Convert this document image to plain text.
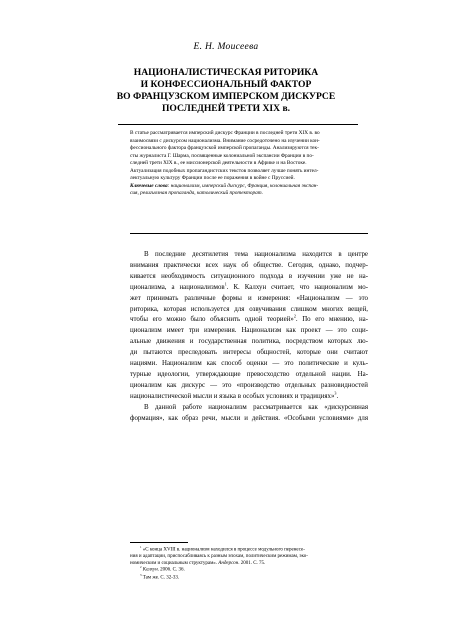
Е. Н. Моисеева
НАЦИОНАЛИСТИЧЕСКАЯ РИТОРИКА
И КОНФЕССИОНАЛЬНЫЙ ФАКТОР
ВО ФРАНЦУЗСКОМ ИМПЕРСКОМ ДИСКУРСЕ
ПОСЛЕДНЕЙ ТРЕТИ XIX в.
В статье рассматривается имперский дискурс Франции в последней трети XIX в. во
взаимосвязи с дискурсом национализма. Внимание сосредоточено на изучении кон-
фессионального фактора французской имперской пропаганды. Анализируются тек-
сты журналиста Г. Шарма, посвященные колониальной экспансии Франции в по-
следней трети XIX в., ее миссионерской деятельности в Африке и на Востоке.
Актуализация подобных пропагандистских текстов позволяет лучше понять интел-
лектуальную культуру Франции после ее поражения в войне с Пруссией.
Ключевые слова: национализм, имперский дискурс, Франция, колониальная экспан-
сия, религиозная пропаганда, католический протекторат.
В последние десятилетия тема национализма находится в центре
внимания практически всех наук об обществе. Сегодня, однако, подчер-
кивается необходимость ситуационного подхода в изучении уже не на-
ционализма, а национализмов$^1$. К. Калхун считает, что национализм мо-
жет принимать различные формы и измерения: «Национализм — это
риторика, которая используется для озвучивания слишком многих вещей,
чтобы его можно было объяснить одной теорией»$^2$. По его мнению, на-
ционализм имеет три измерения. Национализм как проект — это соци-
альные движения и государственная политика, посредством которых лю-
ди пытаются преследовать интересы общностей, которые они считают
нациями. Национализм как способ оценки — это политические и куль-
турные идеологии, утверждающие превосходство отдельной нации. На-
ционализм как дискурс — это «производство отдельных разновидностей
националистической мысли и языка в особых условиях и традициях»$^3$.
В данной работе национализм рассматривается как «дискурсивная
формация», как образ речи, мысли и действия. «Особыми условиями» для
$^1$ «С конца XVIII в. национализм находился в процессе модульного перенесе-
ния и адаптации, приспосабливаясь к разным эпохам, политическим режимам, эко-
номическим и социальным структурам». Андерсон. 2001. С. 75.
$^2$ Калхун. 2006. С. 36.
$^3$ Там же. С. 32-33.
